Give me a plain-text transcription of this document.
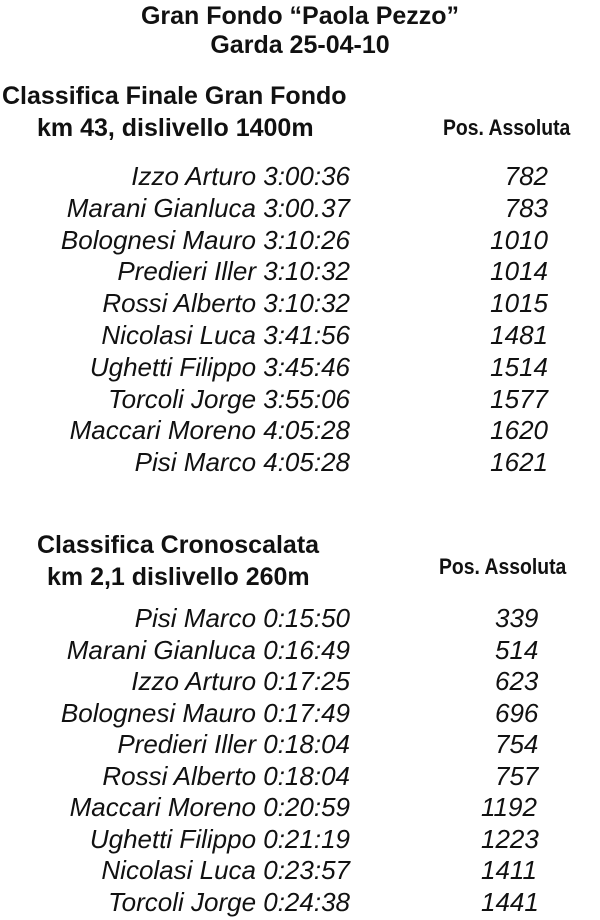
Gran Fondo “Paola Pezzo”
Garda 25-04-10
Classifica Finale Gran Fondo
km 43, dislivello 1400m	Pos. Assoluta
Izzo Arturo 3:00:36	782
Marani Gianluca 3:00.37	783
Bolognesi Mauro 3:10:26	1010
Predieri Iller 3:10:32	1014
Rossi Alberto 3:10:32	1015
Nicolasi Luca 3:41:56	1481
Ughetti Filippo 3:45:46	1514
Torcoli Jorge 3:55:06	1577
Maccari Moreno 4:05:28	1620
Pisi Marco 4:05:28	1621
Classifica Cronoscalata
km 2,1 dislivello 260m	Pos. Assoluta
Pisi Marco 0:15:50	339
Marani Gianluca 0:16:49	514
Izzo Arturo 0:17:25	623
Bolognesi Mauro 0:17:49	696
Predieri Iller 0:18:04	754
Rossi Alberto 0:18:04	757
Maccari Moreno 0:20:59	1192
Ughetti Filippo 0:21:19	1223
Nicolasi Luca 0:23:57	1411
Torcoli Jorge 0:24:38	1441
